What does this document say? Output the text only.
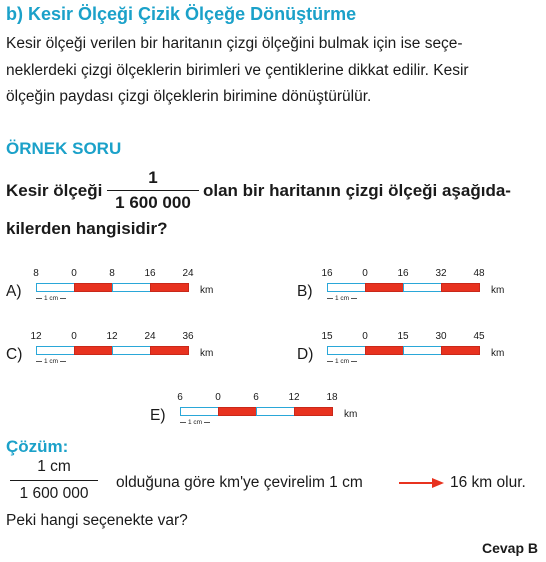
b) Kesir Ölçeği Çizik Ölçeğe Dönüştürme
Kesir ölçeği verilen bir haritanın çizgi ölçeğini bulmak için ise seçe-
neklerdeki çizgi ölçeklerin birimleri ve çentiklerine dikkat edilir. Kesir
ölçeğin paydası çizgi ölçeklerin birimine dönüştürülür.
ÖRNEK SORU
Kesir ölçeği
1
1 600 000
olan bir haritanın çizgi ölçeği aşağıda-
kilerden hangisidir?
A)
8	0	8	16	24
km
1 cm	B)
16	0	16	32	48
km
1 cm
C)
12	0	12	24	36
km
1 cm	D)
15	0	15	30	45
km
1 cm
E)
6	0	6	12	18
km
1 cm
Çözüm:
1 cm
1 600 000
olduğuna göre km'ye çevirelim 1 cm	16 km olur.
Peki hangi seçenekte var?
Cevap B
